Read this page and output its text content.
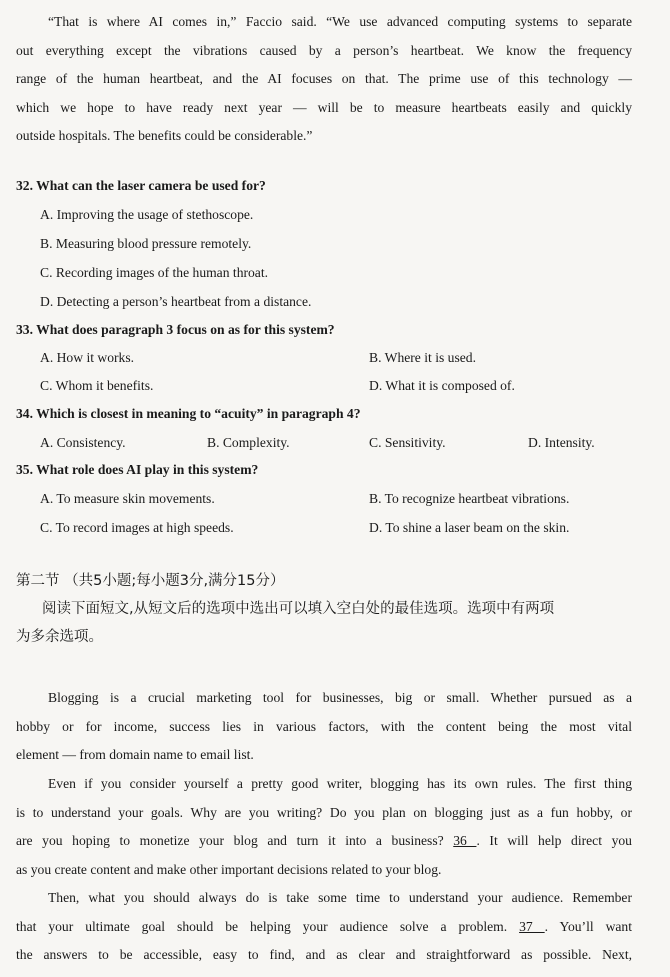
“That is where AI comes in,” Faccio said. “We use advanced computing systems to separate
out everything except the vibrations caused by a person’s heartbeat. We know the frequency
range of the human heartbeat, and the AI focuses on that. The prime use of this technology —
which we hope to have ready next year — will be to measure heartbeats easily and quickly
outside hospitals. The benefits could be considerable.”
32. What can the laser camera be used for?
A. Improving the usage of stethoscope.
B. Measuring blood pressure remotely.
C. Recording images of the human throat.
D. Detecting a person’s heartbeat from a distance.
33. What does paragraph 3 focus on as for this system?
A. How it works.	B. Where it is used.
C. Whom it benefits.	D. What it is composed of.
34. Which is closest in meaning to “acuity” in paragraph 4?
A. Consistency.	B. Complexity.	C. Sensitivity.	D. Intensity.
35. What role does AI play in this system?
A. To measure skin movements.	B. To recognize heartbeat vibrations.
C. To record images at high speeds.	D. To shine a laser beam on the skin.
第二节 （共5小题;每小题3分,满分15分）
阅读下面短文,从短文后的选项中选出可以填入空白处的最佳选项。选项中有两项
为多余选项。
Blogging is a crucial marketing tool for businesses, big or small. Whether pursued as a
hobby or for income, success lies in various factors, with the content being the most vital
element — from domain name to email list.
Even if you consider yourself a pretty good writer, blogging has its own rules. The first thing
is to understand your goals. Why are you writing? Do you plan on blogging just as a fun hobby, or
are you hoping to monetize your blog and turn it into a business? 36 . It will help direct you
as you create content and make other important decisions related to your blog.
Then, what you should always do is take some time to understand your audience. Remember
that your ultimate goal should be helping your audience solve a problem. 37 . You’ll want
the answers to be accessible, easy to find, and as clear and straightforward as possible. Next,
